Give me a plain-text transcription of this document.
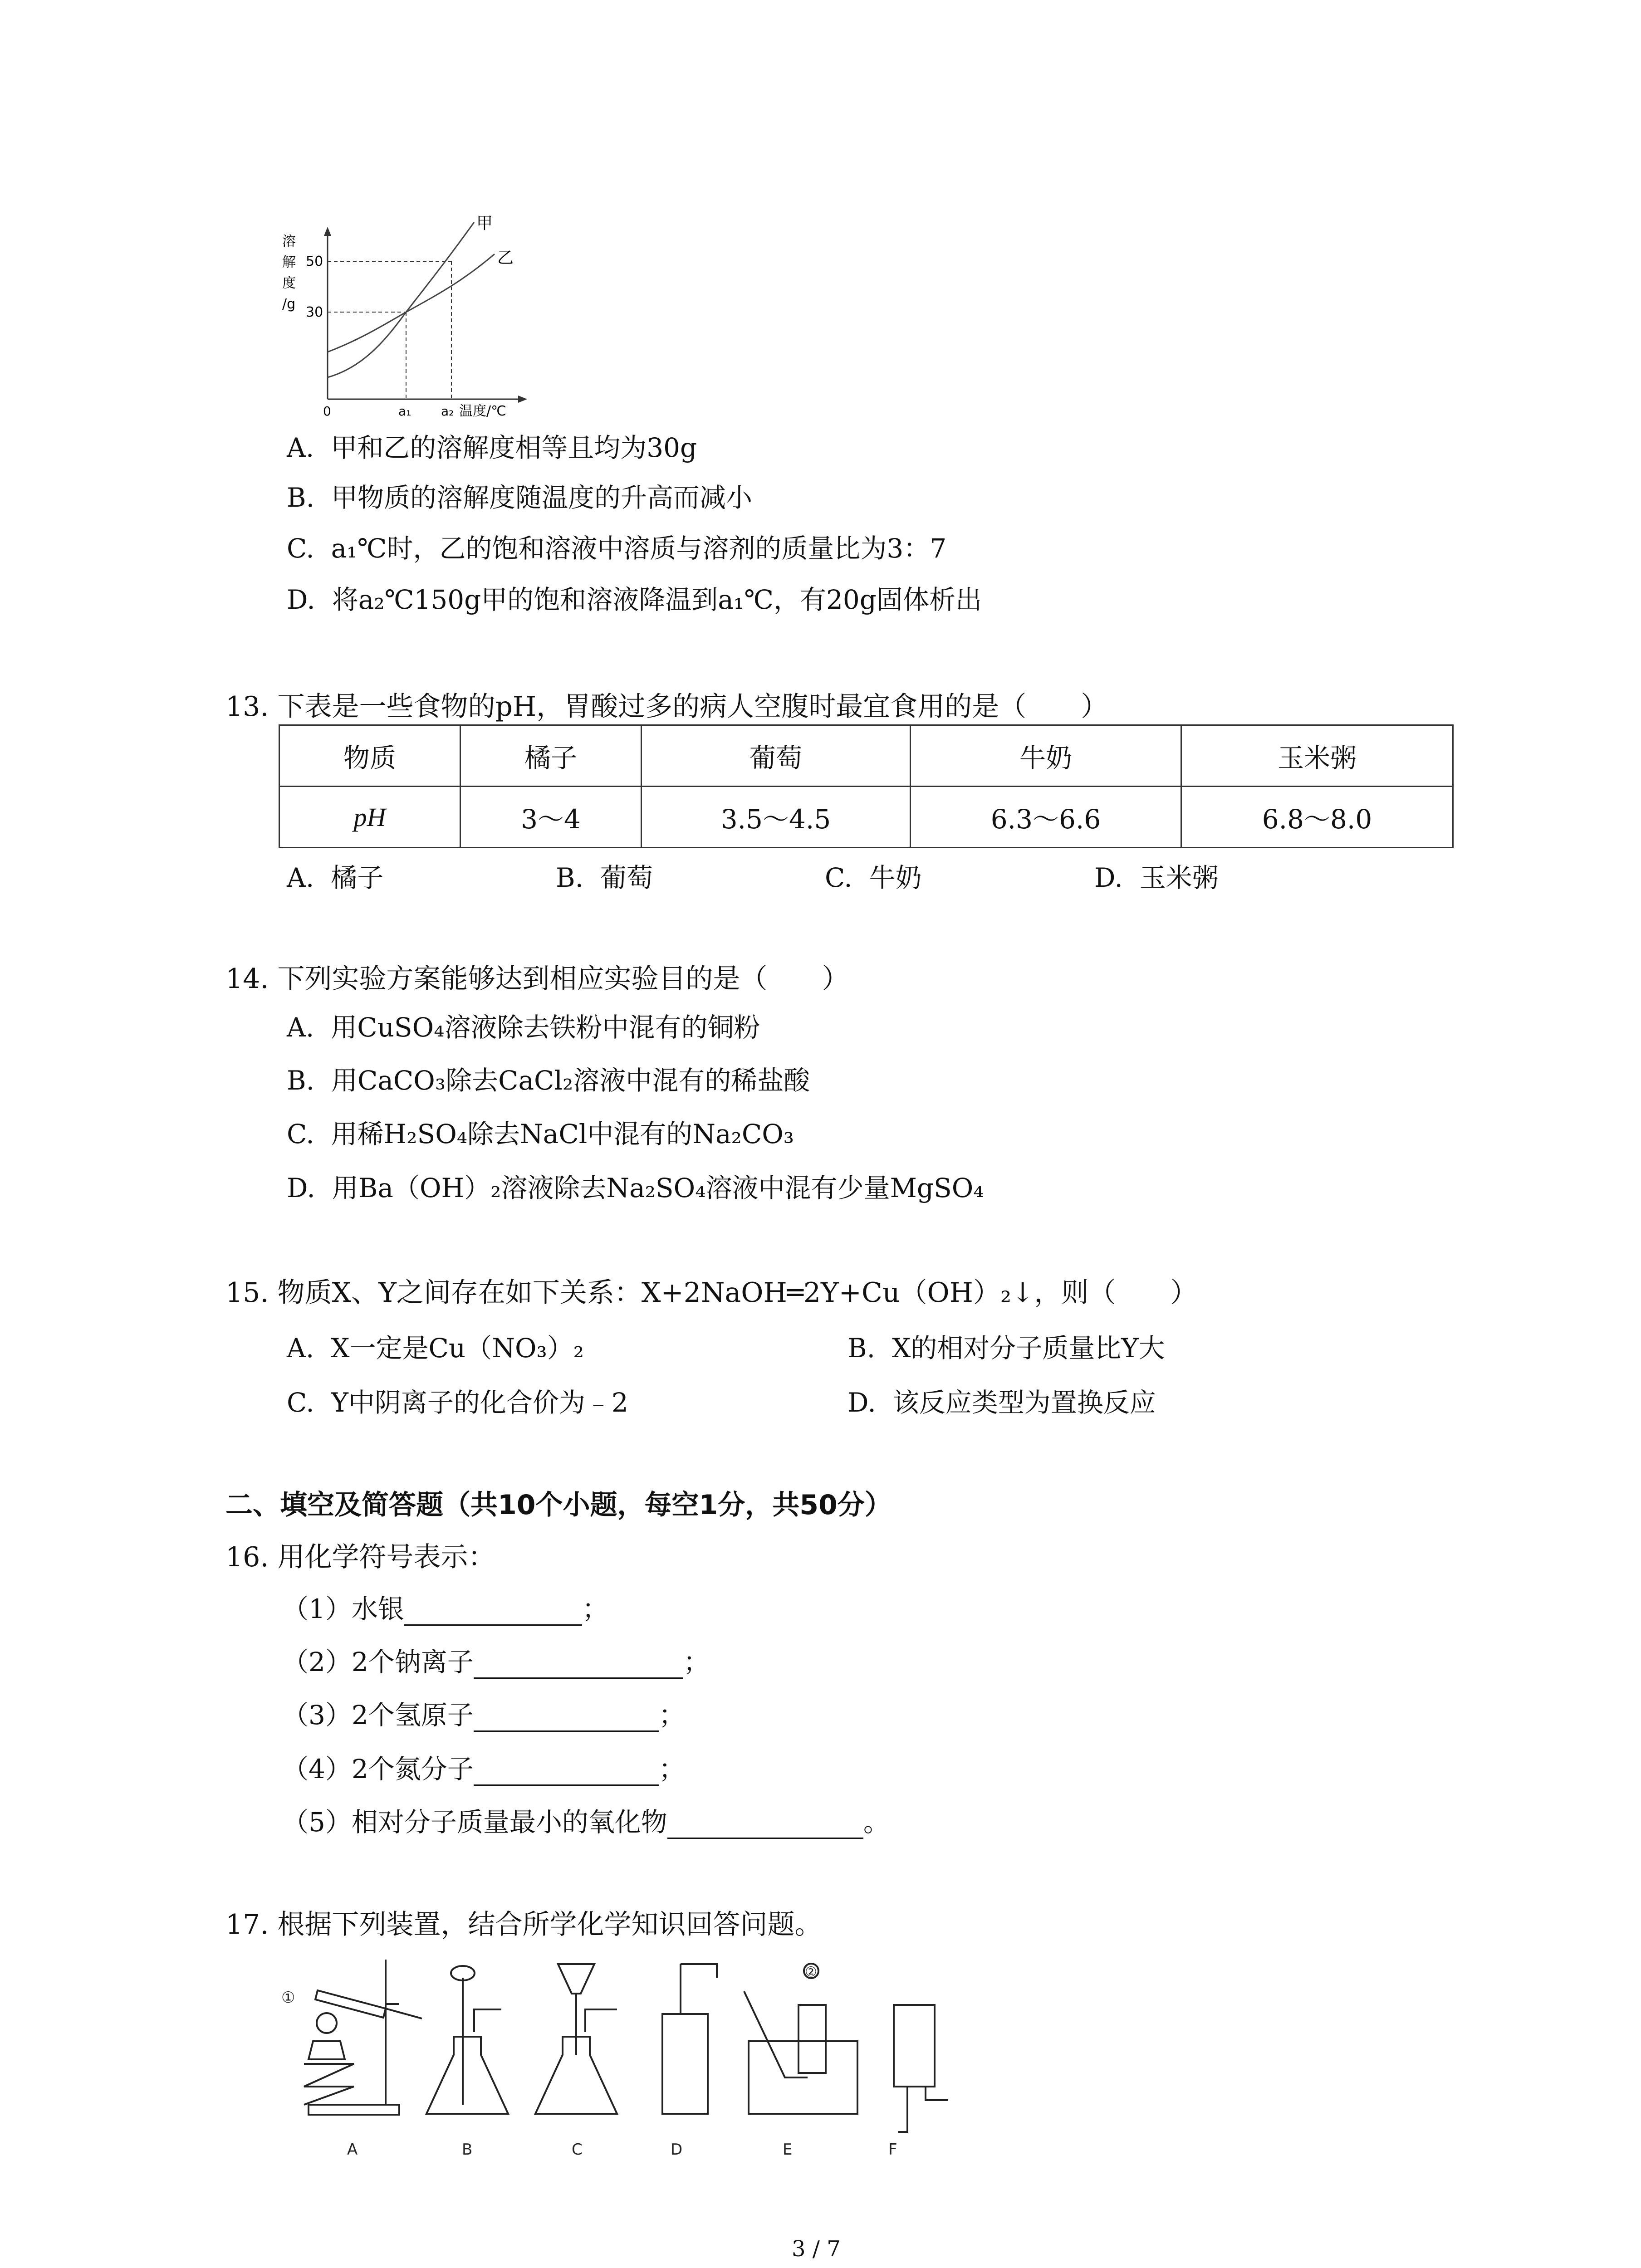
溶
解
度
/g
50
30
0	a₁ a₂ 温度/℃
甲
乙
A. 甲和乙的溶解度相等且均为30g
B. 甲物质的溶解度随温度的升高而减小
C. a₁℃时，乙的饱和溶液中溶质与溶剂的质量比为3：7
D. 将a₂℃150g甲的饱和溶液降温到a₁℃，有20g固体析出
13. 下表是一些食物的pH，胃酸过多的病人空腹时最宜食用的是（　　）
物质	橘子	葡萄	牛奶	玉米粥
pH	3～4	3.5～4.5	6.3～6.6	6.8～8.0
A. 橘子	B. 葡萄	C. 牛奶	D. 玉米粥
14. 下列实验方案能够达到相应实验目的是（　　）
A. 用CuSO₄溶液除去铁粉中混有的铜粉
B. 用CaCO₃除去CaCl₂溶液中混有的稀盐酸
C. 用稀H₂SO₄除去NaCl中混有的Na₂CO₃
D. 用Ba（OH）₂溶液除去Na₂SO₄溶液中混有少量MgSO₄
15. 物质X、Y之间存在如下关系：X+2NaOH═2Y+Cu（OH）₂↓，则（　　）
A. X一定是Cu（NO₃）₂	B. X的相对分子质量比Y大
C. Y中阴离子的化合价为﹣2	D. 该反应类型为置换反应
二、填空及简答题（共10个小题，每空1分，共50分）
16. 用化学符号表示：
（1）水银	；
（2）2个钠离子	；
（3）2个氢原子	；
（4）2个氮分子	；
（5）相对分子质量最小的氧化物	。
17. 根据下列装置，结合所学化学知识回答问题。
①
②
A	B	C	D	E	F
3 / 7
